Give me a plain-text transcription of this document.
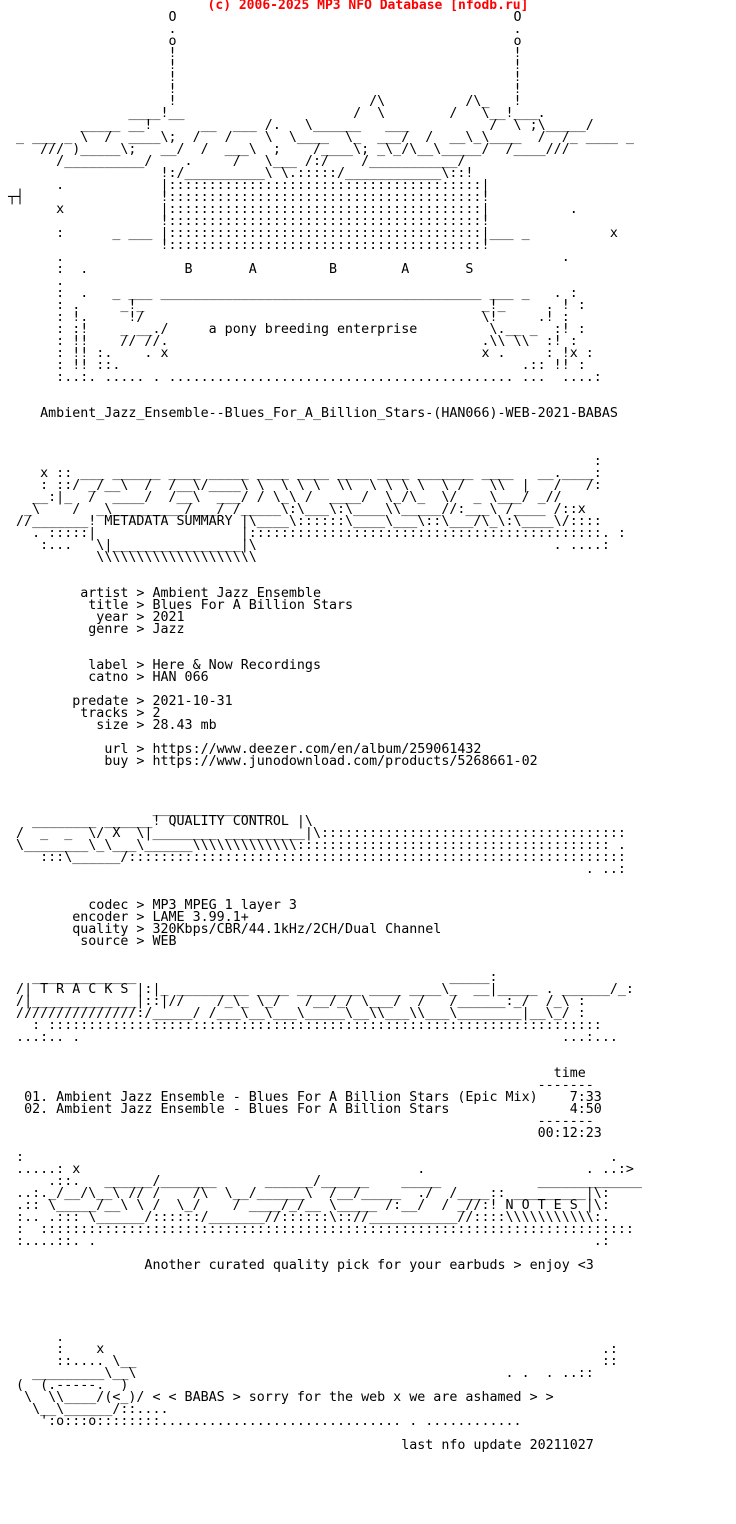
(c) 2006-2025 MP3 NFO Database [nfodb.ru]
O                                          O
.                                          .
o                                          o
!                                          !
!                                          !
!                                          !
!                                          !
!                        /\          /\_   !
____!__                     /  \        /   \__!___.
_____ __!      __  ___ /.   \______   ___          /  \ ;\_____/
_ ___ _ \  /  ____\;  /   /    \  \____  \_  ___/  /  __\_\____  /  /_ ____ _
/// )_____\;   __/  /  ___\  ;    /____\; _\_/\__\_____/  /____///
/__________/    .     /   \___ /:/    /___________/
!:/__________\ \.:::::/____________\::!
.            |:::::::::::::::::::::::::::::::::::::::|
┬┤                 !:::::::::::::::::::::::::::::::::::::::!
x            |:::::::::::::::::::::::::::::::::::::::|          .
!:::::::::::::::::::::::::::::::::::::::!
:      _ ___ |:::::::::::::::::::::::::::::::::::::::|___ _          x
!:::::::::::::::::::::::::::::::::::::::!
.                                                              .
:  .            B       A         B        A       S
.
:  .   _ ___ ________________________________________ ___ _   . :
: .     _!_                                          _!_     . ! :
: !.     !/                                          \!     .! :
: :!    _ __./     a pony breeding enterprise         \.__ _  :! :
: !!    // //.                                       .\\ \\  :! :
: !! :.    . x                                       x .     : !x :
: !! ::.                                                  .:: !! :
:..:. ..... . ........................................... ...  ....:

Ambient_Jazz_Ensemble--Blues_For_A_Billion_Stars-(HAN066)-WEB-2021-BABAS

:
x :: ___ ______ ____ _____ ____ ____ ____ ____ _______ ____   __.____:
: ::/ _/__\  /  /__\/____\ \  \ \ \  \\  \ \ \ \  \ /   \\  |   /   /:
__:|_  /  ____/  /__\  ___/ / \_\ /  ____/  \_/\_  \/  _ \___/ _//
_\    /  _\_________/___/ /_____\:\___\:\____\\_____//:___\ /____ /::x
//_______! METADATA SUMMARY |\____\::::::\____\___\::\___/\_\:\____\/::::
. :::::|                  |::::::::::::::::::::::::::::::::::::::::::::. :
:...   \|________________|\                                     . ....:
\\\\\\\\\\\\\\\\\\\\

artist > Ambient Jazz Ensemble
title > Blues For A Billion Stars
year > 2021
genre > Jazz

label > Here & Now Recordings
catno > HAN 066

predate > 2021-10-31
tracks > 2
size > 28.43 mb

url > https://www.deezer.com/en/album/259061432
buy > https://www.junodownload.com/products/5268661-02

_______________
________ ______! QUALITY CONTROL |\
/  _  _  \/ X  \|________ __________|\::::::::::::::::::::::::::::::::::::::
\________\_\___\______\\\\\\\\\\\\\::::::::::::::::::::::::::::::::::::::: .
:::\______/::::::::::::::::::::::::::::::::::::::::::::::::::::::::::::::
. ..:

codec > MP3 MPEG 1 layer 3
encoder > LAME 3.99.1+
quality > 320Kbps/CBR/44.1kHz/2CH/Dual Channel
source > WEB

_____________                                       _____:
/| T R A C K S |:|_ _________ ____ ________ ____ ____\_  __|_____ . ______/_:
/|_____________|::|//    /_\_ \_/   /__/_/ \___/  /   /______:_/  /_\ :
///////////////:/_____/ /___\__\___\_____\__\\___\\___\________|__\_/ :
: :::::::::::::::::::::::::::::::::::::::::::::::::::::::::::::::::::::
...:.. .                                                            ...:...

time
-------
01. Ambient Jazz Ensemble - Blues For A Billion Stars (Epic Mix)    7:33
02. Ambient Jazz Ensemble - Blues For A Billion Stars               4:50
-------
00:12:23

:                                                                         .
.....: x                                          .                    . ..:>
.::.   ______/_______      ______/______    _____            _____________
..:._/__/\__\ // /    /\  \__/______\  /__/_____  ./  /____:: _________|\:
.:: \_____/__\ \ /  \_/    / ____/_/__ \_____ /:__/  / _//:! N O T E S |\:
:.. .::: \______/::::::/_______//::::::\:://___________//::::\\\\\\\\\\\:.
:  ::::::::::::::::::::::::::::::::::::::::::::::::::::::::::::::::::::::::::
:....::. .                                                              .:

Another curated quality pick for your earbuds > enjoy <3

.
:    x                                                              .:
::.... \__                                                          ::
_________\__\                                              . .  . ..::
(  (.-----.  )
\  \\____/(<_)/ < < BABAS > sorry for the web x we are ashamed > >
\__\______/::....
':o:::o::::::::.............................. . ............

last nfo update 20211027
